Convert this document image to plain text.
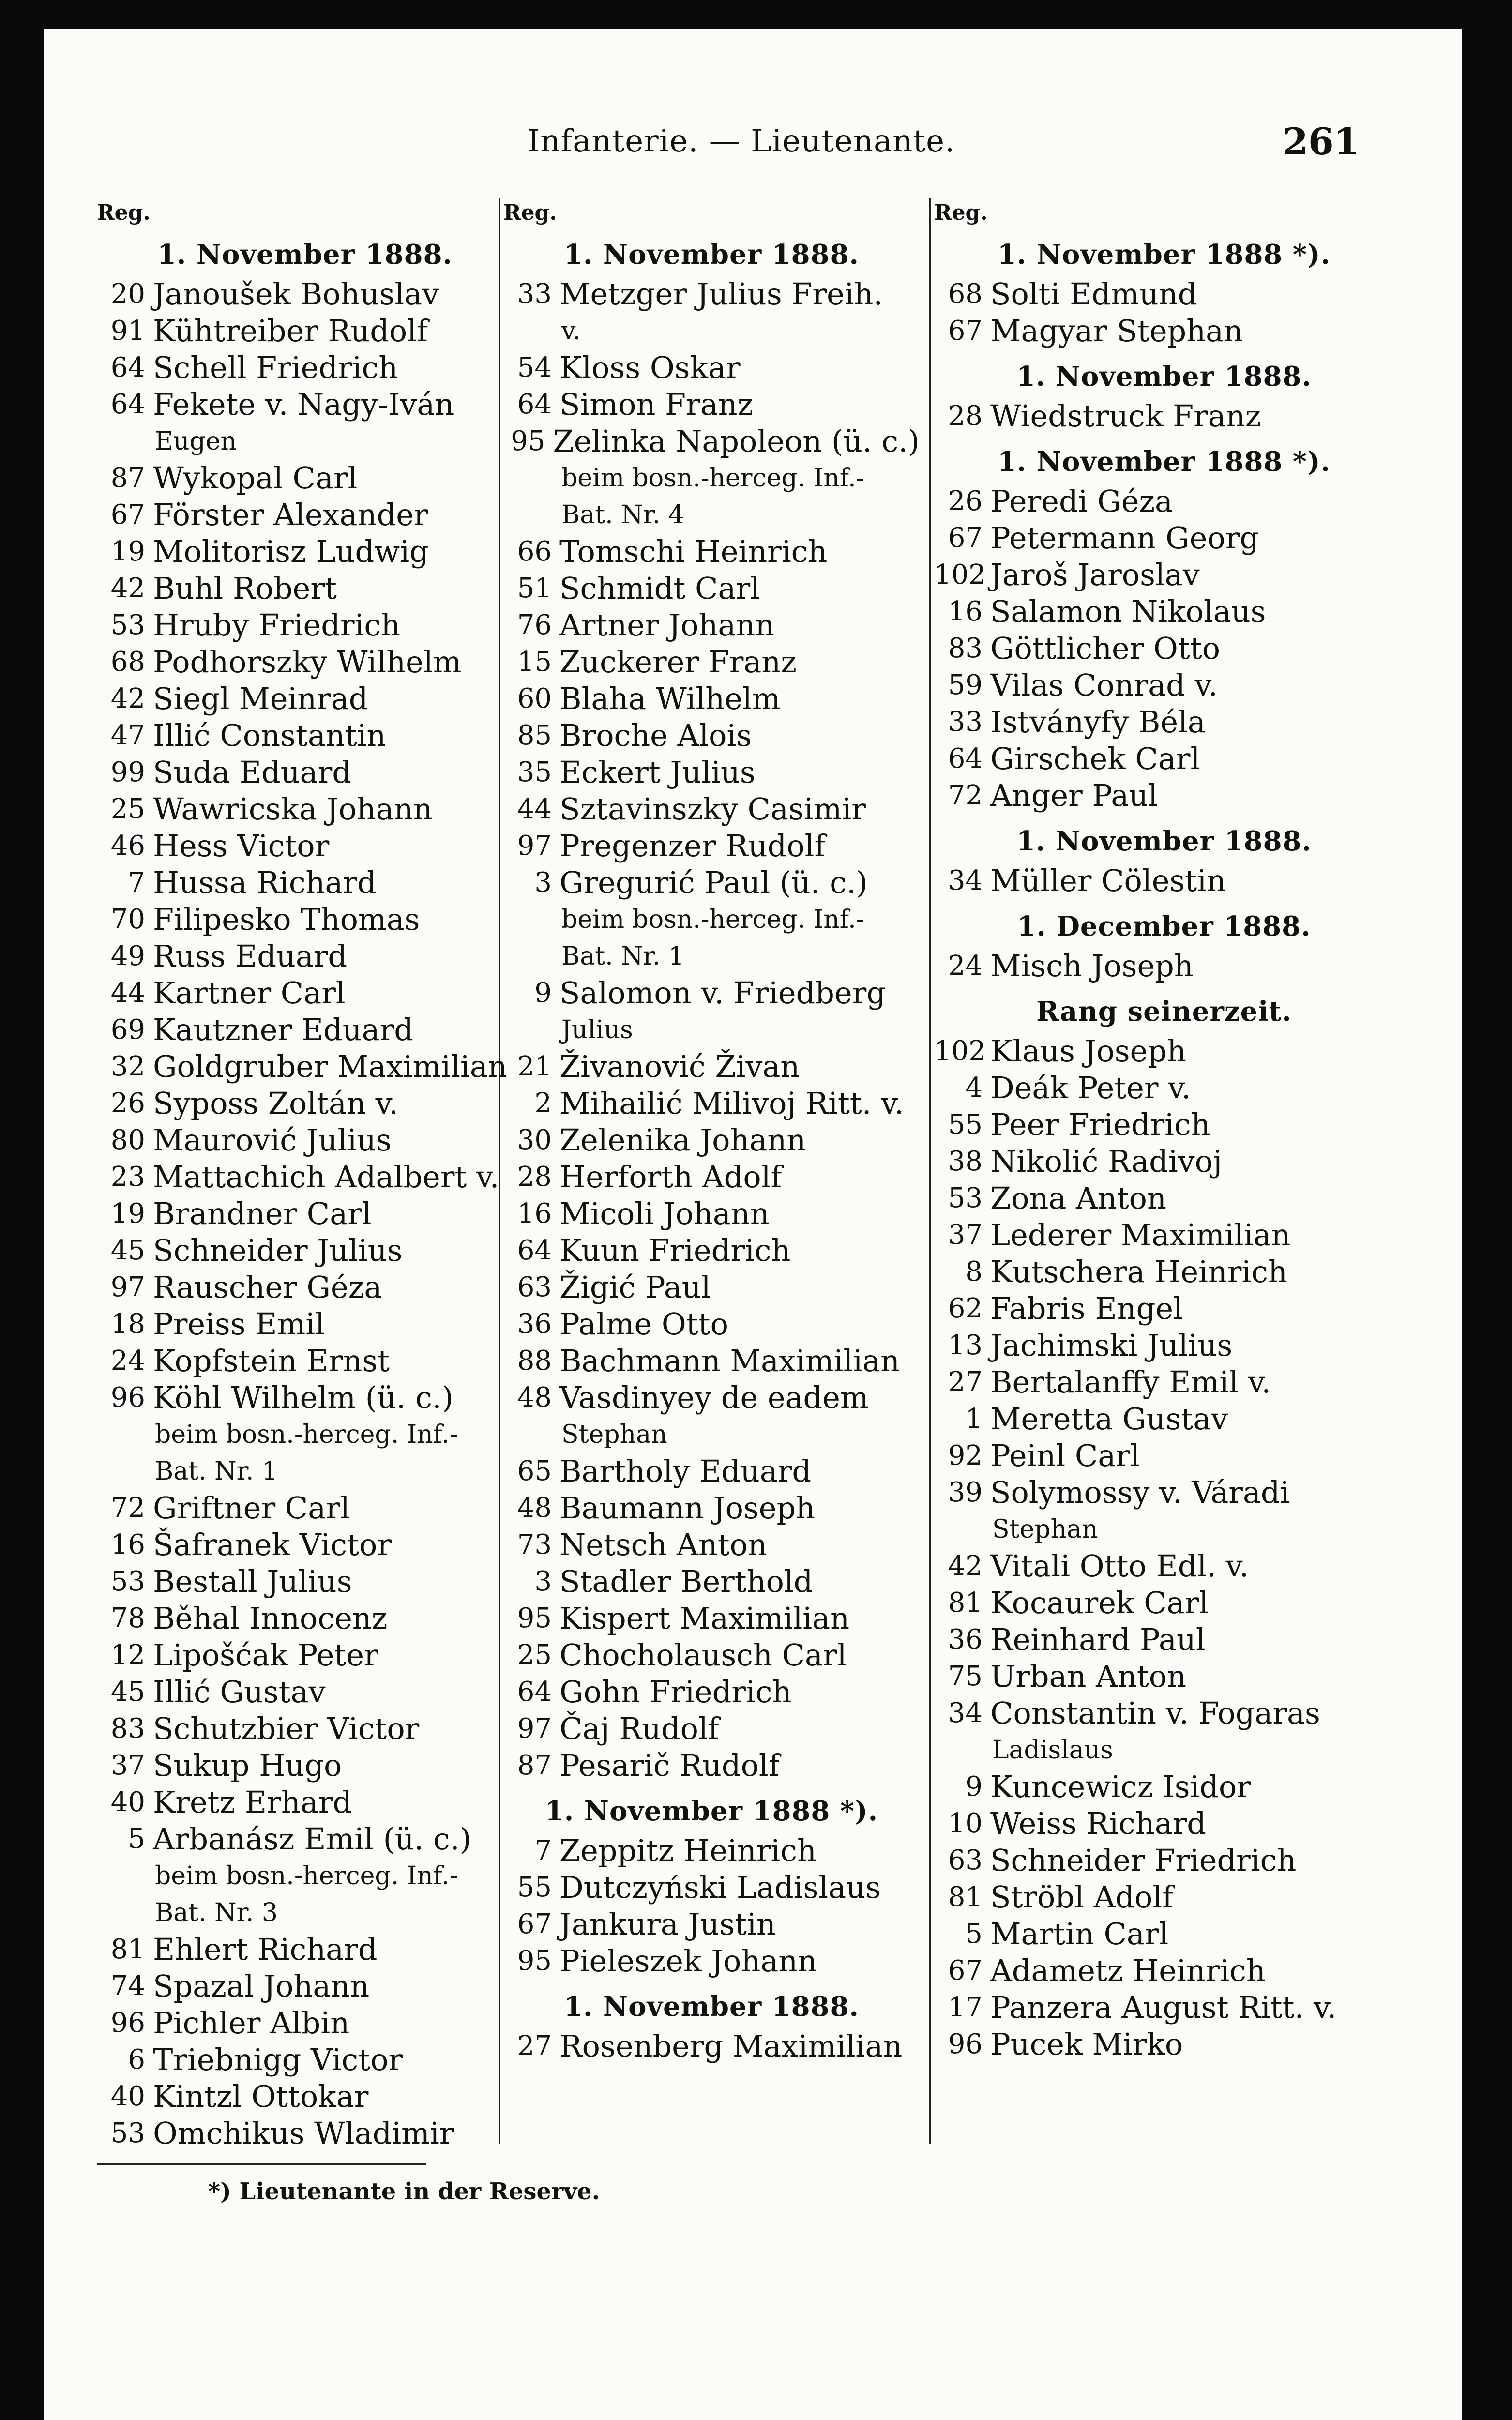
Infanterie. — Lieutenante.	261
Reg.
1. November 1888.
20 Janoušek Bohuslav
91 Kühtreiber Rudolf
64 Schell Friedrich
64 Fekete v. Nagy-Iván
Eugen
87 Wykopal Carl
67 Förster Alexander
19 Molitorisz Ludwig
42 Buhl Robert
53 Hruby Friedrich
68 Podhorszky Wilhelm
42 Siegl Meinrad
47 Illić Constantin
99 Suda Eduard
25 Wawricska Johann
46 Hess Victor
7 Hussa Richard
70 Filipesko Thomas
49 Russ Eduard
44 Kartner Carl
69 Kautzner Eduard
32 Goldgruber Maximilian
26 Syposs Zoltán v.
80 Maurović Julius
23 Mattachich Adalbert v.
19 Brandner Carl
45 Schneider Julius
97 Rauscher Géza
18 Preiss Emil
24 Kopfstein Ernst
96 Köhl Wilhelm (ü. c.)
beim bosn.-herceg. Inf.-
Bat. Nr. 1
72 Griftner Carl
16 Šafranek Victor
53 Bestall Julius
78 Běhal Innocenz
12 Lipošćak Peter
45 Illić Gustav
83 Schutzbier Victor
37 Sukup Hugo
40 Kretz Erhard
5 Arbanász Emil (ü. c.)
beim bosn.-herceg. Inf.-
Bat. Nr. 3
81 Ehlert Richard
74 Spazal Johann
96 Pichler Albin
6 Triebnigg Victor
40 Kintzl Ottokar
53 Omchikus Wladimir
Reg.
1. November 1888.
33 Metzger Julius Freih.
v.
54 Kloss Oskar
64 Simon Franz
95 Zelinka Napoleon (ü. c.)
beim bosn.-herceg. Inf.-
Bat. Nr. 4
66 Tomschi Heinrich
51 Schmidt Carl
76 Artner Johann
15 Zuckerer Franz
60 Blaha Wilhelm
85 Broche Alois
35 Eckert Julius
44 Sztavinszky Casimir
97 Pregenzer Rudolf
3 Gregurić Paul (ü. c.)
beim bosn.-herceg. Inf.-
Bat. Nr. 1
9 Salomon v. Friedberg
Julius
21 Živanović Živan
2 Mihailić Milivoj Ritt. v.
30 Zelenika Johann
28 Herforth Adolf
16 Micoli Johann
64 Kuun Friedrich
63 Žigić Paul
36 Palme Otto
88 Bachmann Maximilian
48 Vasdinyey de eadem
Stephan
65 Bartholy Eduard
48 Baumann Joseph
73 Netsch Anton
3 Stadler Berthold
95 Kispert Maximilian
25 Chocholausch Carl
64 Gohn Friedrich
97 Čaj Rudolf
87 Pesarič Rudolf
1. November 1888 *).
7 Zeppitz Heinrich
55 Dutczyński Ladislaus
67 Jankura Justin
95 Pieleszek Johann
1. November 1888.
27 Rosenberg Maximilian
Reg.
1. November 1888 *).
68 Solti Edmund
67 Magyar Stephan
1. November 1888.
28 Wiedstruck Franz
1. November 1888 *).
26 Peredi Géza
67 Petermann Georg
102 Jaroš Jaroslav
16 Salamon Nikolaus
83 Göttlicher Otto
59 Vilas Conrad v.
33 Istványfy Béla
64 Girschek Carl
72 Anger Paul
1. November 1888.
34 Müller Cölestin
1. December 1888.
24 Misch Joseph
Rang seinerzeit.
102 Klaus Joseph
4 Deák Peter v.
55 Peer Friedrich
38 Nikolić Radivoj
53 Zona Anton
37 Lederer Maximilian
8 Kutschera Heinrich
62 Fabris Engel
13 Jachimski Julius
27 Bertalanffy Emil v.
1 Meretta Gustav
92 Peinl Carl
39 Solymossy v. Váradi
Stephan
42 Vitali Otto Edl. v.
81 Kocaurek Carl
36 Reinhard Paul
75 Urban Anton
34 Constantin v. Fogaras
Ladislaus
9 Kuncewicz Isidor
10 Weiss Richard
63 Schneider Friedrich
81 Ströbl Adolf
5 Martin Carl
67 Adametz Heinrich
17 Panzera August Ritt. v.
96 Pucek Mirko
*) Lieutenante in der Reserve.
